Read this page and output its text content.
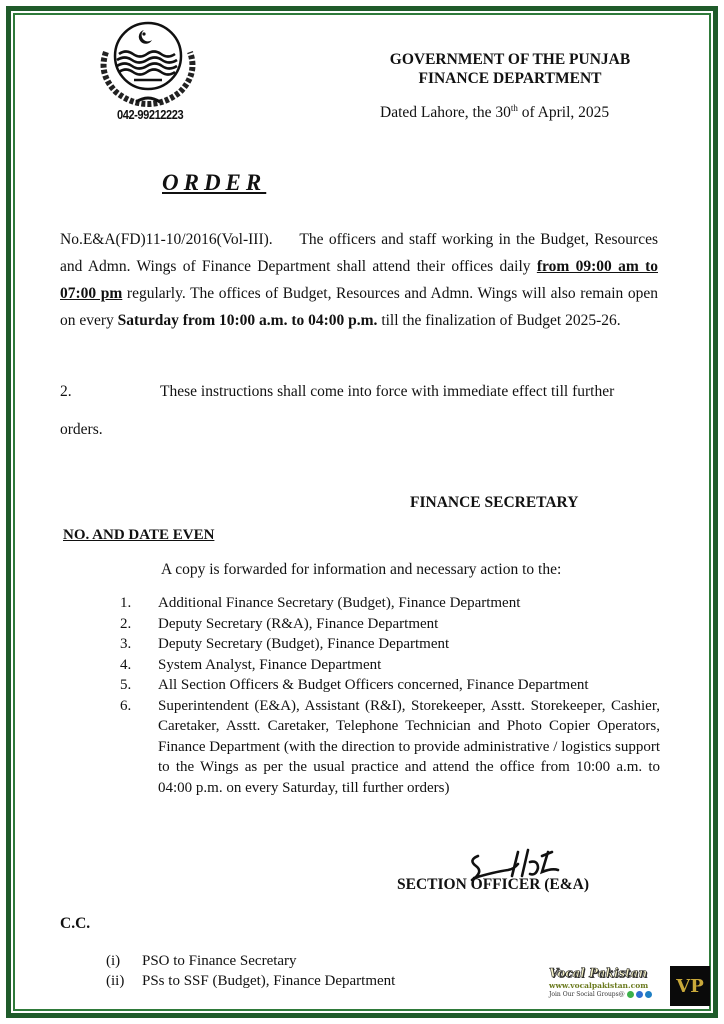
042-99212223
GOVERNMENT OF THE PUNJAB
FINANCE DEPARTMENT
Dated Lahore, the 30th of April, 2025
ORDER
No.E&A(FD)11-10/2016(Vol-III). The officers and staff working in the Budget, Resources and Admn. Wings of Finance Department shall attend their offices daily from 09:00 am to 07:00 pm regularly. The offices of Budget, Resources and Admn. Wings will also remain open on every Saturday from 10:00 a.m. to 04:00 p.m. till the finalization of Budget 2025-26.
2.	These instructions shall come into force with immediate effect till further
orders.
FINANCE SECRETARY
NO. AND DATE EVEN
A copy is forwarded for information and necessary action to the:
1.	Additional Finance Secretary (Budget), Finance Department
2.	Deputy Secretary (R&A), Finance Department
3.	Deputy Secretary (Budget), Finance Department
4.	System Analyst, Finance Department
5.	All Section Officers & Budget Officers concerned, Finance Department
6.	Superintendent (E&A), Assistant (R&I), Storekeeper, Asstt. Storekeeper, Cashier, Caretaker, Asstt. Caretaker, Telephone Technician and Photo Copier Operators, Finance Department (with the direction to provide administrative / logistics support to the Wings as per the usual practice and attend the office from 10:00 a.m. to 04:00 p.m. on every Saturday, till further orders)
SECTION OFFICER (E&A)
C.C.
(i)	PSO to Finance Secretary
(ii)	PSs to SSF (Budget), Finance Department	Vocal Pakistan
www.vocalpakistan.com
Join Our Social Groups@	VP
